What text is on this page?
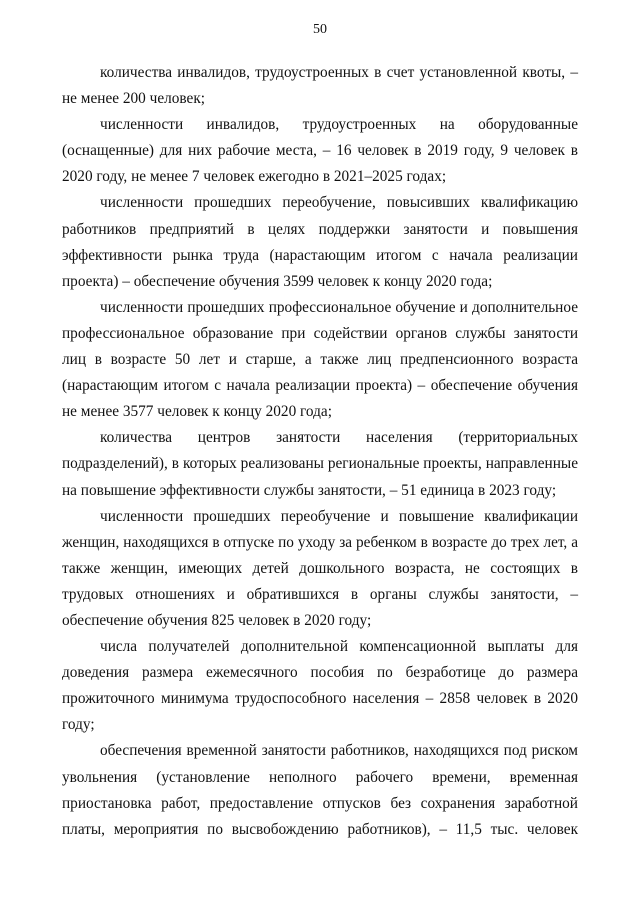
50

количества инвалидов, трудоустроенных в счет установленной квоты, – не менее 200 человек;

численности инвалидов, трудоустроенных на оборудованные (оснащенные) для них рабочие места, – 16 человек в 2019 году, 9 человек в 2020 году, не менее 7 человек ежегодно в 2021–2025 годах;

численности прошедших переобучение, повысивших квалификацию работников предприятий в целях поддержки занятости и повышения эффективности рынка труда (нарастающим итогом с начала реализации проекта) – обеспечение обучения 3599 человек к концу 2020 года;

численности прошедших профессиональное обучение и дополнительное профессиональное образование при содействии органов службы занятости лиц в возрасте 50 лет и старше, а также лиц предпенсионного возраста (нарастающим итогом с начала реализации проекта) – обеспечение обучения не менее 3577 человек к концу 2020 года;

количества центров занятости населения (территориальных подразделений), в которых реализованы региональные проекты, направленные на повышение эффективности службы занятости, – 51 единица в 2023 году;

численности прошедших переобучение и повышение квалификации женщин, находящихся в отпуске по уходу за ребенком в возрасте до трех лет, а также женщин, имеющих детей дошкольного возраста, не состоящих в трудовых отношениях и обратившихся в органы службы занятости, – обеспечение обучения 825 человек в 2020 году;

числа получателей дополнительной компенсационной выплаты для доведения размера ежемесячного пособия по безработице до размера прожиточного минимума трудоспособного населения – 2858 человек в 2020 году;

обеспечения временной занятости работников, находящихся под риском увольнения (установление неполного рабочего времени, временная приостановка работ, предоставление отпусков без сохранения заработной платы, мероприятия по высвобождению работников), – 11,5 тыс. человек
